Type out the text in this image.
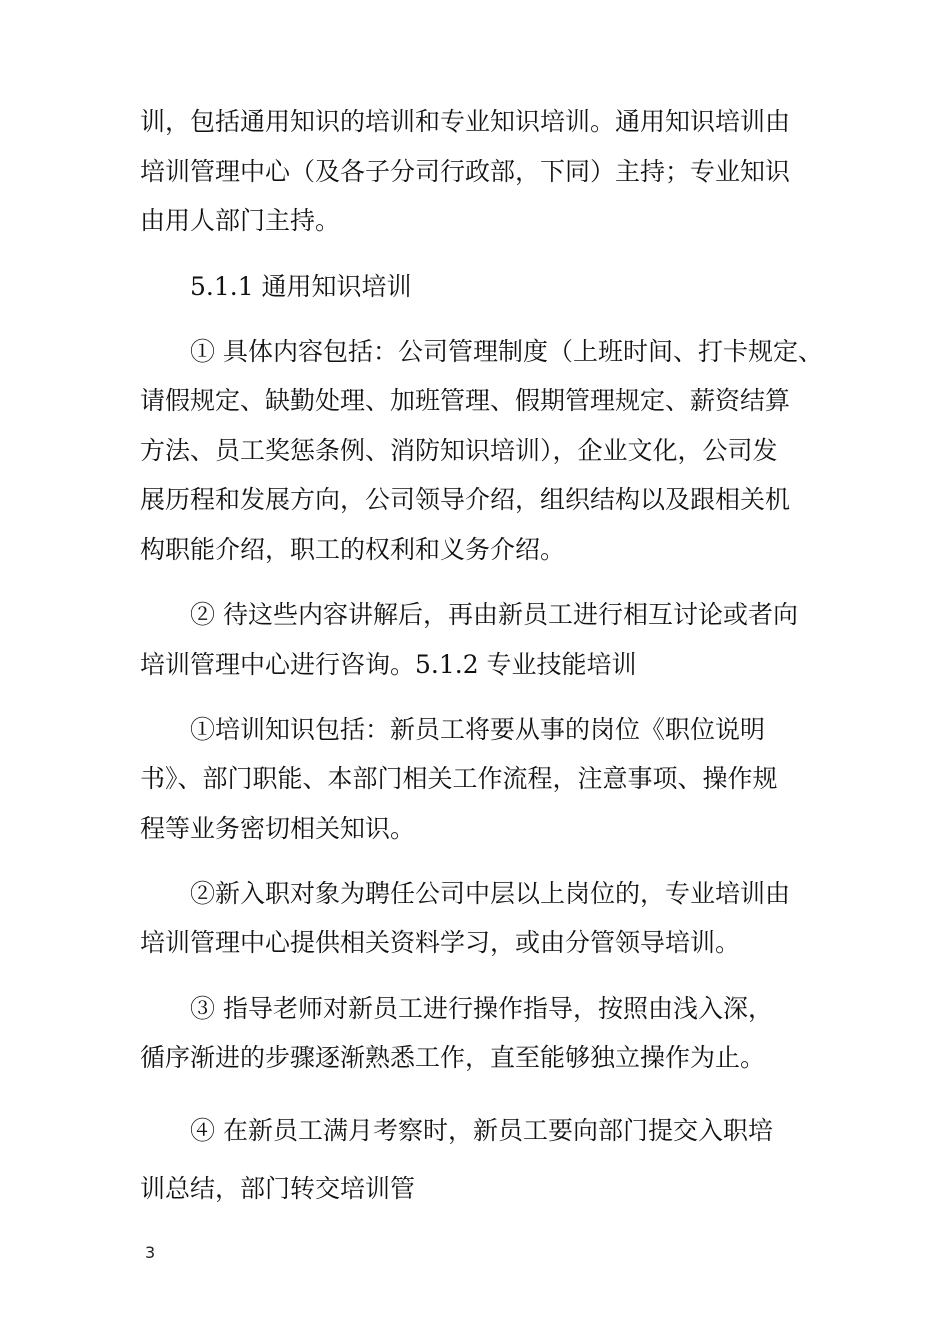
训，包括通用知识的培训和专业知识培训。通用知识培训由
培训管理中心（及各子分司行政部，下同）主持；专业知识
由用人部门主持。
5.1.1 通用知识培训
① 具体内容包括：公司管理制度（上班时间、打卡规定、
请假规定、缺勤处理、加班管理、假期管理规定、薪资结算
方法、员工奖惩条例、消防知识培训），企业文化，公司发
展历程和发展方向，公司领导介绍，组织结构以及跟相关机
构职能介绍，职工的权利和义务介绍。
② 待这些内容讲解后，再由新员工进行相互讨论或者向
培训管理中心进行咨询。5.1.2 专业技能培训
①培训知识包括：新员工将要从事的岗位《职位说明
书》、部门职能、本部门相关工作流程，注意事项、操作规
程等业务密切相关知识。
②新入职对象为聘任公司中层以上岗位的，专业培训由
培训管理中心提供相关资料学习，或由分管领导培训。
③ 指导老师对新员工进行操作指导，按照由浅入深，
循序渐进的步骤逐渐熟悉工作，直至能够独立操作为止。
④ 在新员工满月考察时，新员工要向部门提交入职培
训总结，部门转交培训管
3
